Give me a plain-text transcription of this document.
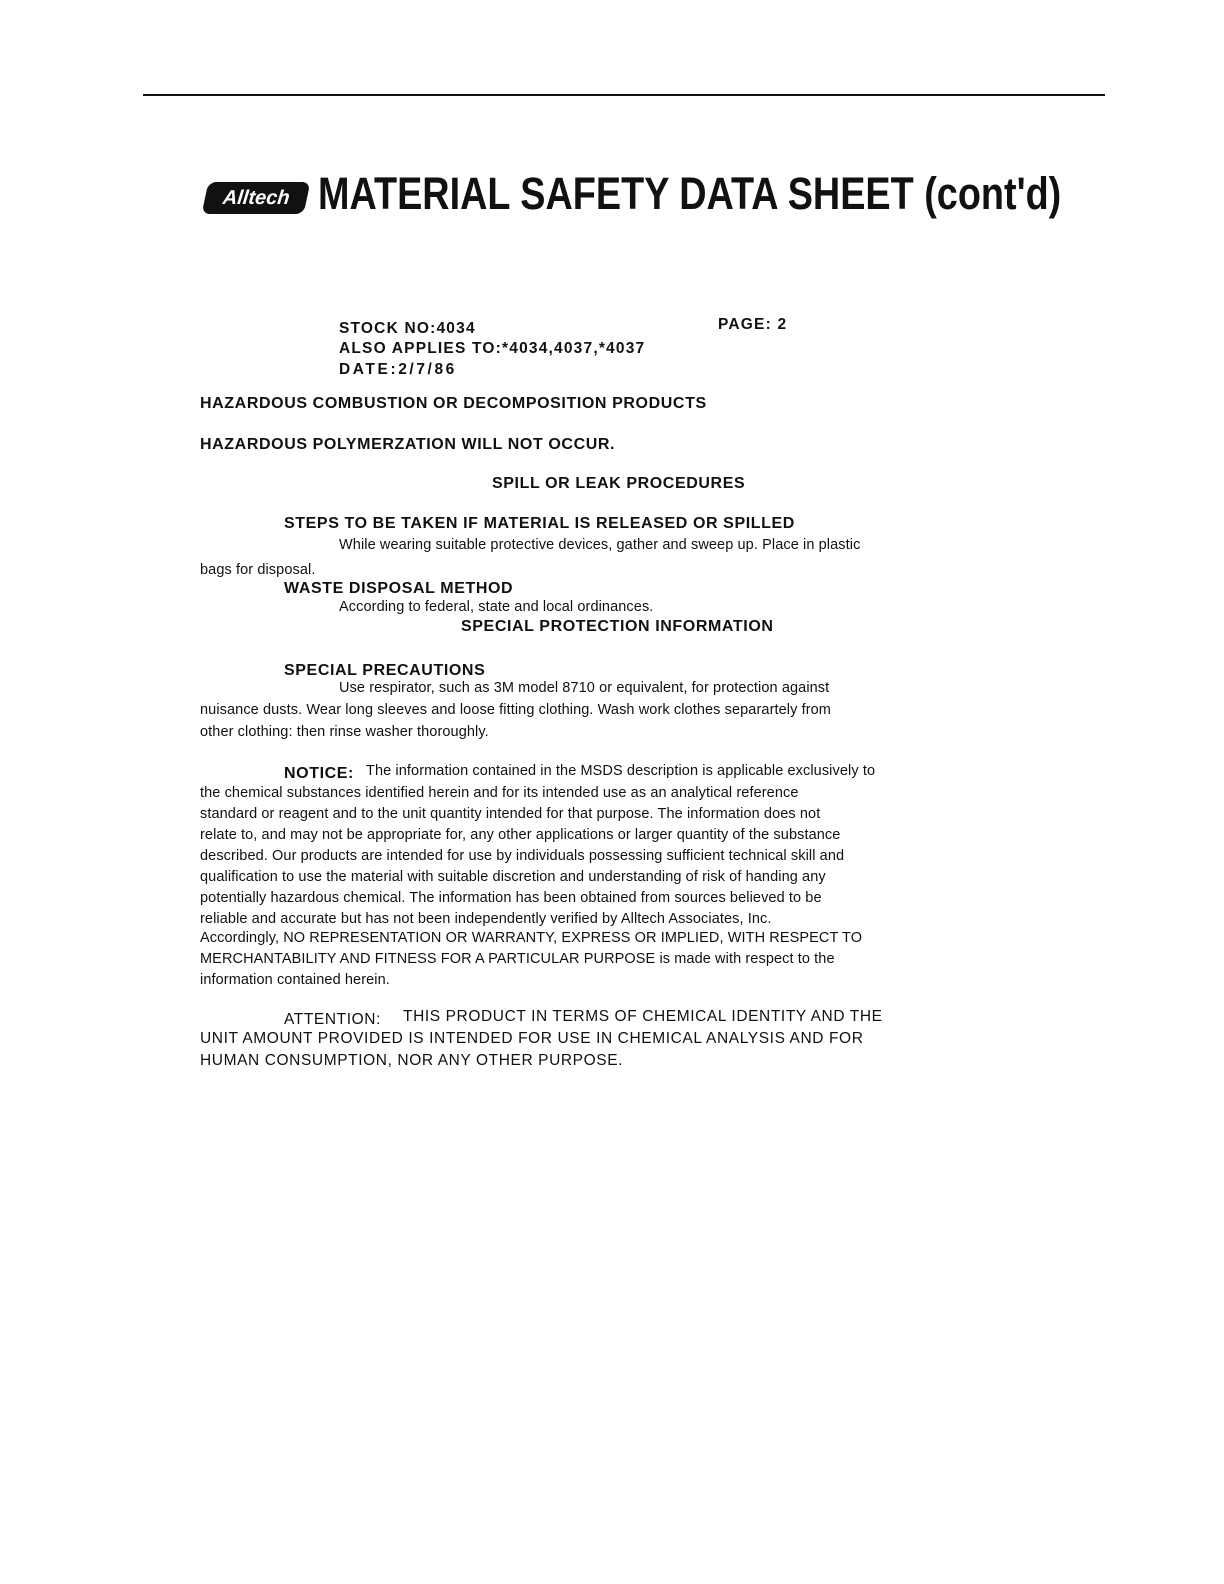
Alltech MATERIAL SAFETY DATA SHEET (cont'd)
STOCK NO:4034	PAGE: 2
ALSO APPLIES TO:*4034,4037,*4037
DATE:2/7/86
HAZARDOUS COMBUSTION OR DECOMPOSITION PRODUCTS
HAZARDOUS POLYMERZATION WILL NOT OCCUR.
SPILL OR LEAK PROCEDURES
STEPS TO BE TAKEN IF MATERIAL IS RELEASED OR SPILLED
While wearing suitable protective devices, gather and sweep up. Place in plastic
bags for disposal.
WASTE DISPOSAL METHOD
According to federal, state and local ordinances.
SPECIAL PROTECTION INFORMATION
SPECIAL PRECAUTIONS
Use respirator, such as 3M model 8710 or equivalent, for protection against
nuisance dusts. Wear long sleeves and loose fitting clothing. Wash work clothes separartely from
other clothing: then rinse washer thoroughly.
NOTICE: The information contained in the MSDS description is applicable exclusively to
the chemical substances identified herein and for its intended use as an analytical reference
standard or reagent and to the unit quantity intended for that purpose. The information does not
relate to, and may not be appropriate for, any other applications or larger quantity of the substance
described. Our products are intended for use by individuals possessing sufficient technical skill and
qualification to use the material with suitable discretion and understanding of risk of handing any
potentially hazardous chemical. The information has been obtained from sources believed to be
reliable and accurate but has not been independently verified by Alltech Associates, Inc.
Accordingly, NO REPRESENTATION OR WARRANTY, EXPRESS OR IMPLIED, WITH RESPECT TO
MERCHANTABILITY AND FITNESS FOR A PARTICULAR PURPOSE is made with respect to the
information contained herein.
ATTENTION: THIS PRODUCT IN TERMS OF CHEMICAL IDENTITY AND THE
UNIT AMOUNT PROVIDED IS INTENDED FOR USE IN CHEMICAL ANALYSIS AND FOR
HUMAN CONSUMPTION, NOR ANY OTHER PURPOSE.
